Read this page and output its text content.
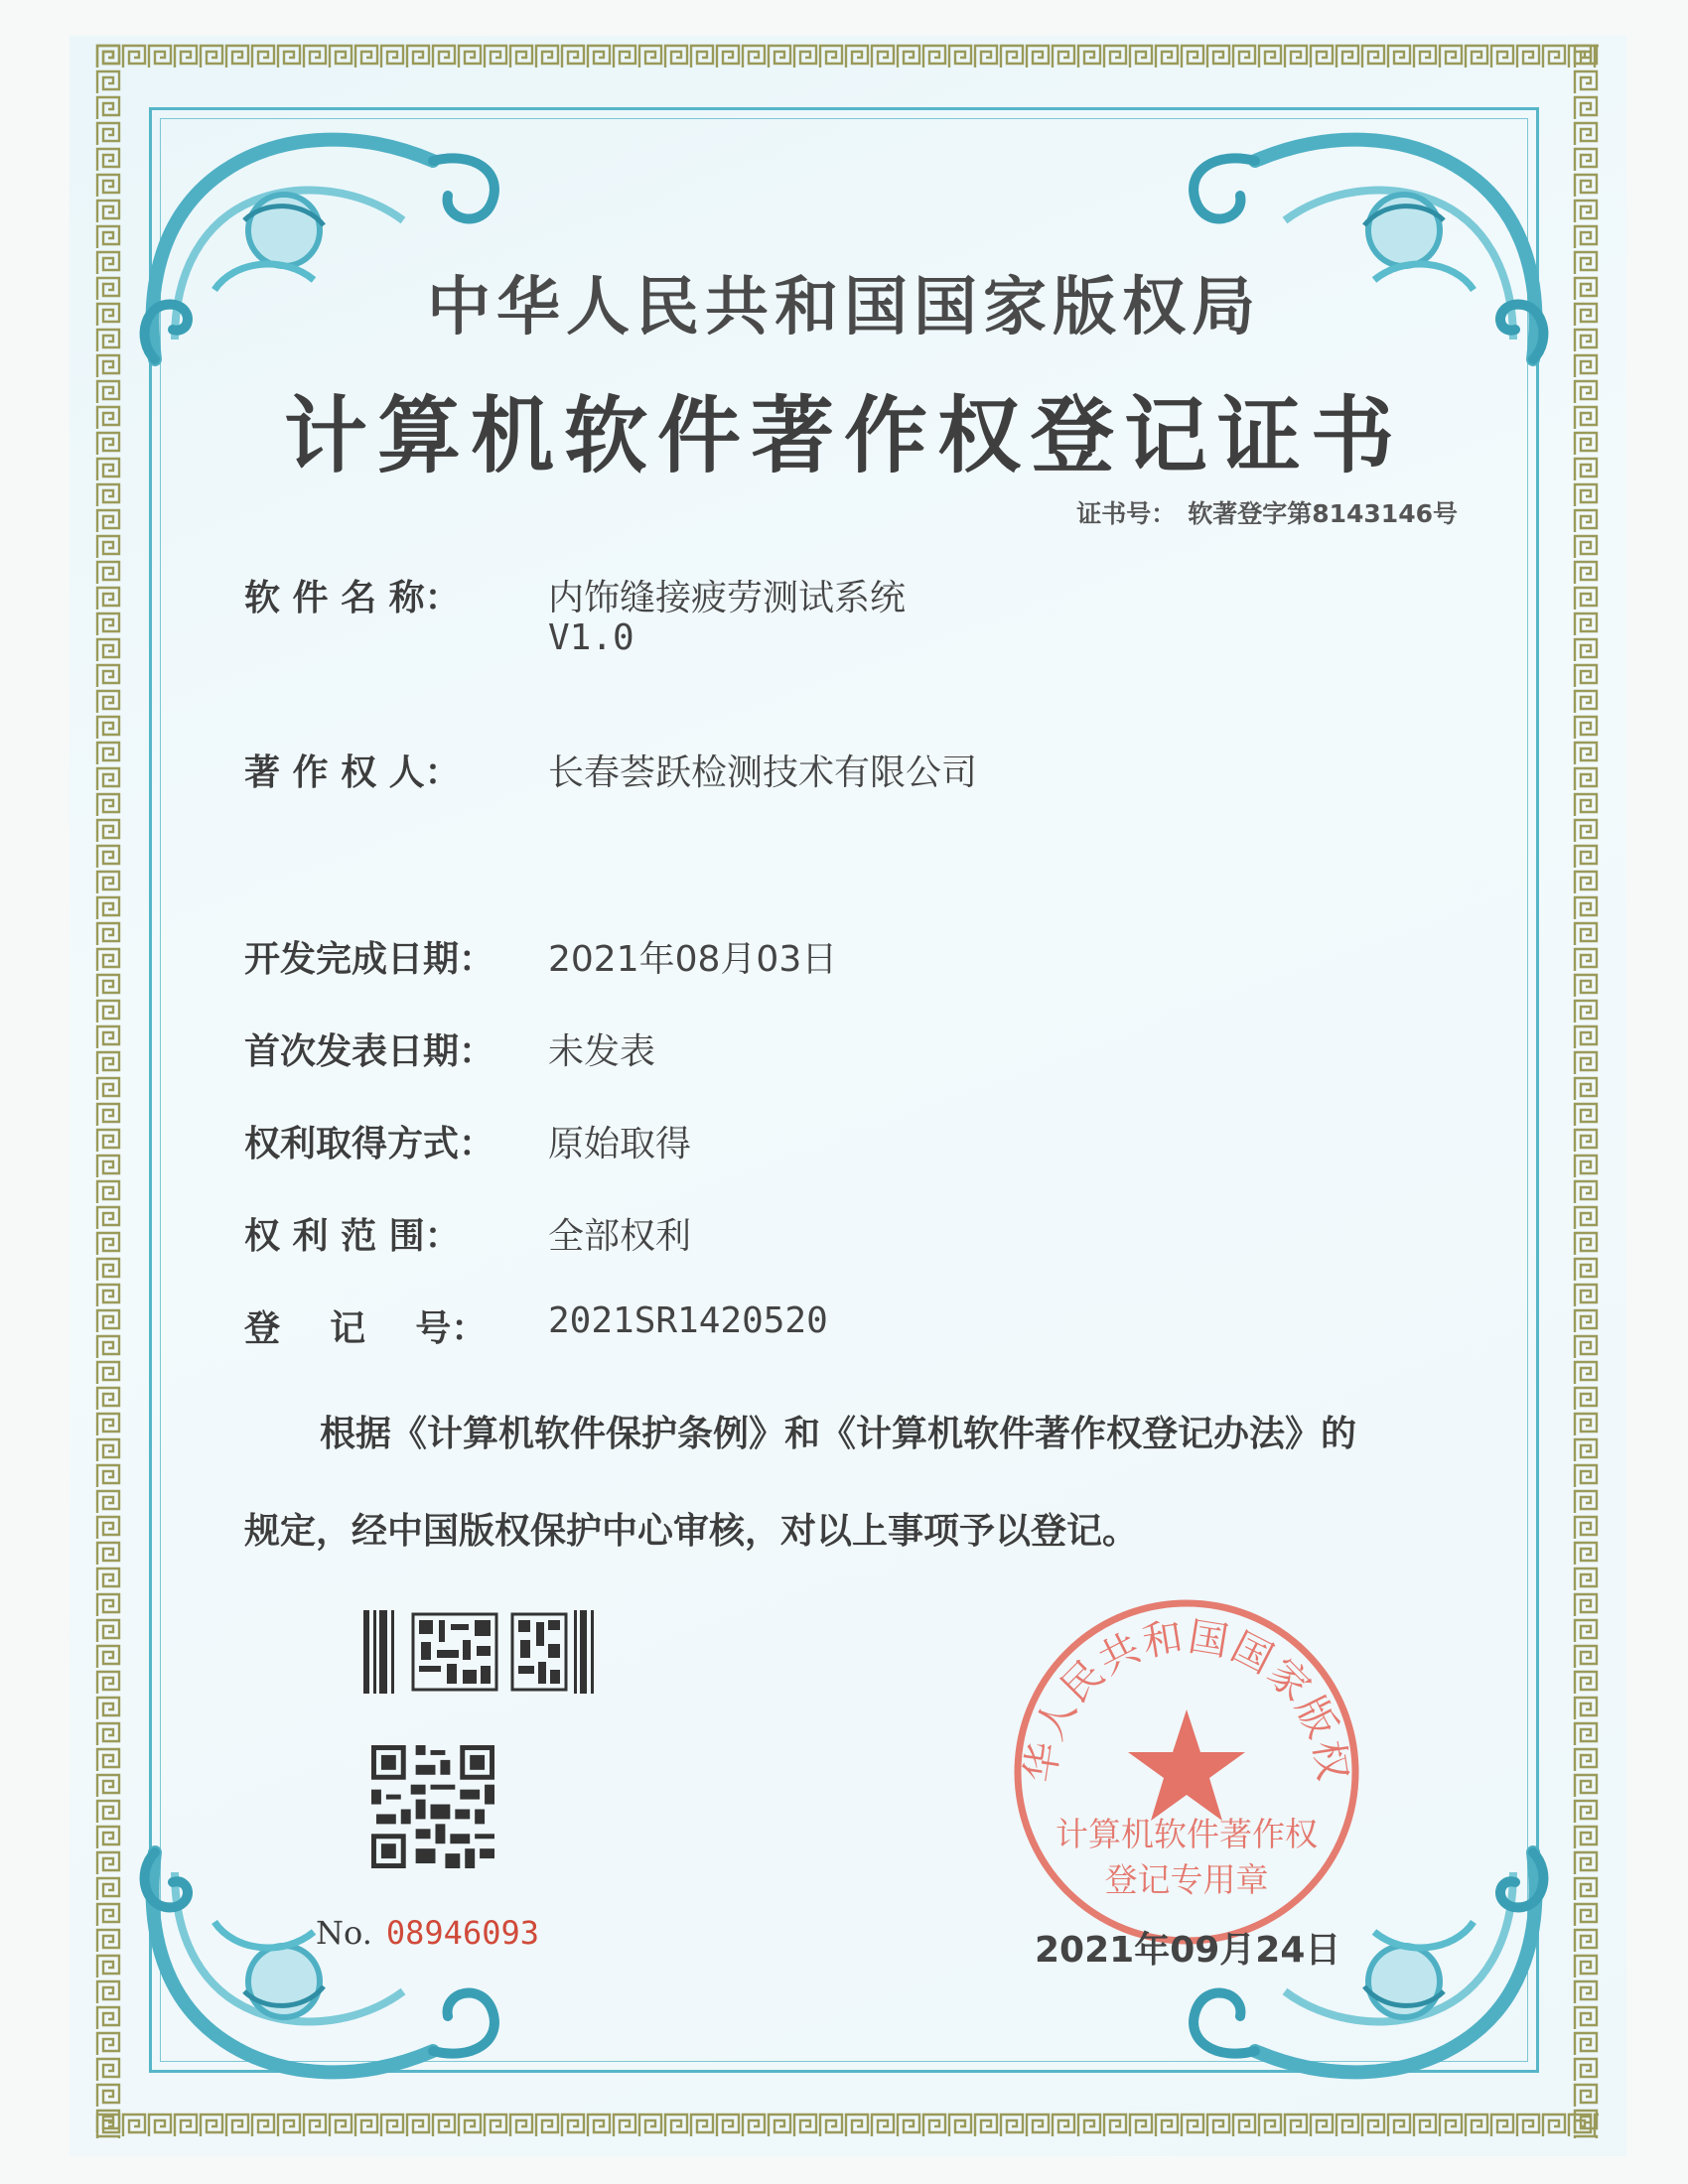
中华人民共和国国家版权局
计算机软件著作权登记证书
证书号： 软著登字第8143146号
软 件 名 称： 内饰缝接疲劳测试系统
V1.0
著 作 权 人： 长春荟跃检测技术有限公司
开发完成日期： 2021年08月03日
首次发表日期： 未发表
权利取得方式： 原始取得
权 利 范 围： 全部权利
登    记    号： 2021SR1420520
根据《计算机软件保护条例》和《计算机软件著作权登记办法》的
规定，经中国版权保护中心审核，对以上事项予以登记。
No. 08946093
华人民共和国国家版权
计算机软件著作权
登记专用章
2021年09月24日
